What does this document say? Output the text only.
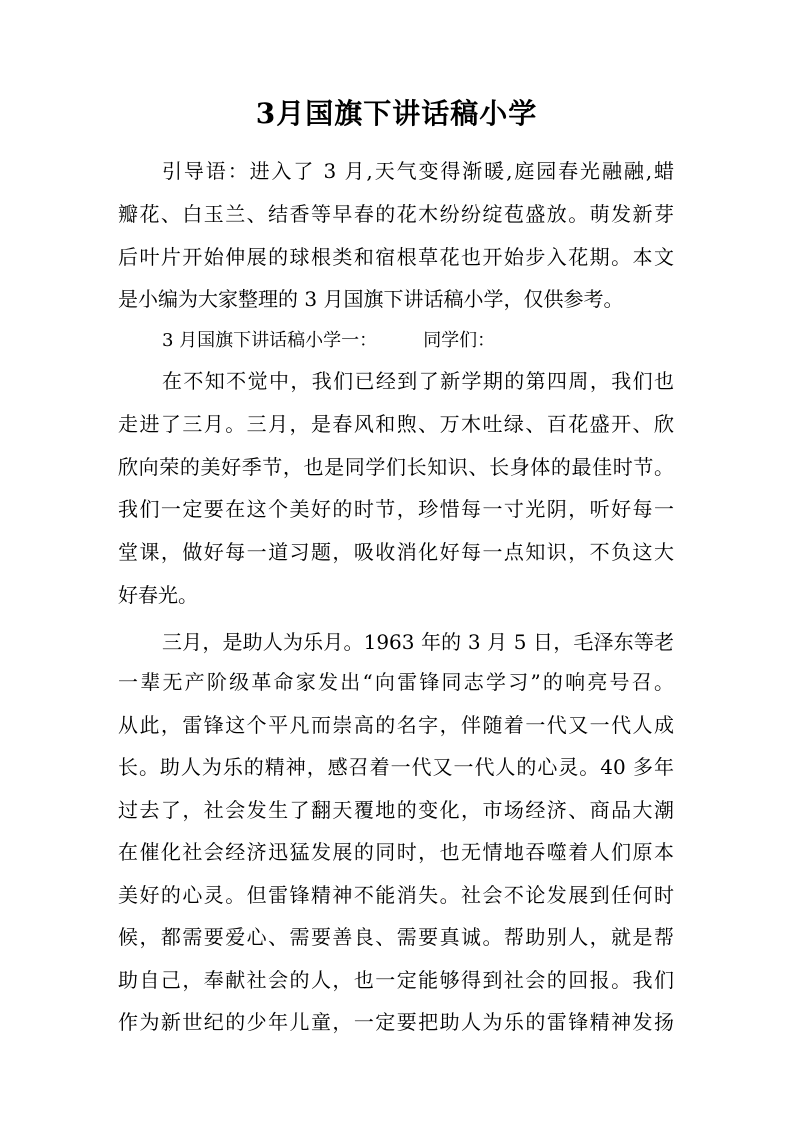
3月国旗下讲话稿小学
引导语：进入了 3 月,天气变得渐暖,庭园春光融融,蜡
瓣花、白玉兰、结香等早春的花木纷纷绽苞盛放。萌发新芽
后叶片开始伸展的球根类和宿根草花也开始步入花期。本文
是小编为大家整理的 3 月国旗下讲话稿小学，仅供参考。
3 月国旗下讲话稿小学一：	同学们：
在不知不觉中，我们已经到了新学期的第四周，我们也
走进了三月。三月，是春风和煦、万木吐绿、百花盛开、欣
欣向荣的美好季节，也是同学们长知识、长身体的最佳时节。
我们一定要在这个美好的时节，珍惜每一寸光阴，听好每一
堂课，做好每一道习题，吸收消化好每一点知识，不负这大
好春光。
三月，是助人为乐月。1963 年的 3 月 5 日，毛泽东等老
一辈无产阶级革命家发出“向雷锋同志学习”的响亮号召。
从此，雷锋这个平凡而崇高的名字，伴随着一代又一代人成
长。助人为乐的精神，感召着一代又一代人的心灵。40 多年
过去了，社会发生了翻天覆地的变化，市场经济、商品大潮
在催化社会经济迅猛发展的同时，也无情地吞噬着人们原本
美好的心灵。但雷锋精神不能消失。社会不论发展到任何时
候，都需要爱心、需要善良、需要真诚。帮助别人，就是帮
助自己，奉献社会的人，也一定能够得到社会的回报。我们
作为新世纪的少年儿童，一定要把助人为乐的雷锋精神发扬
